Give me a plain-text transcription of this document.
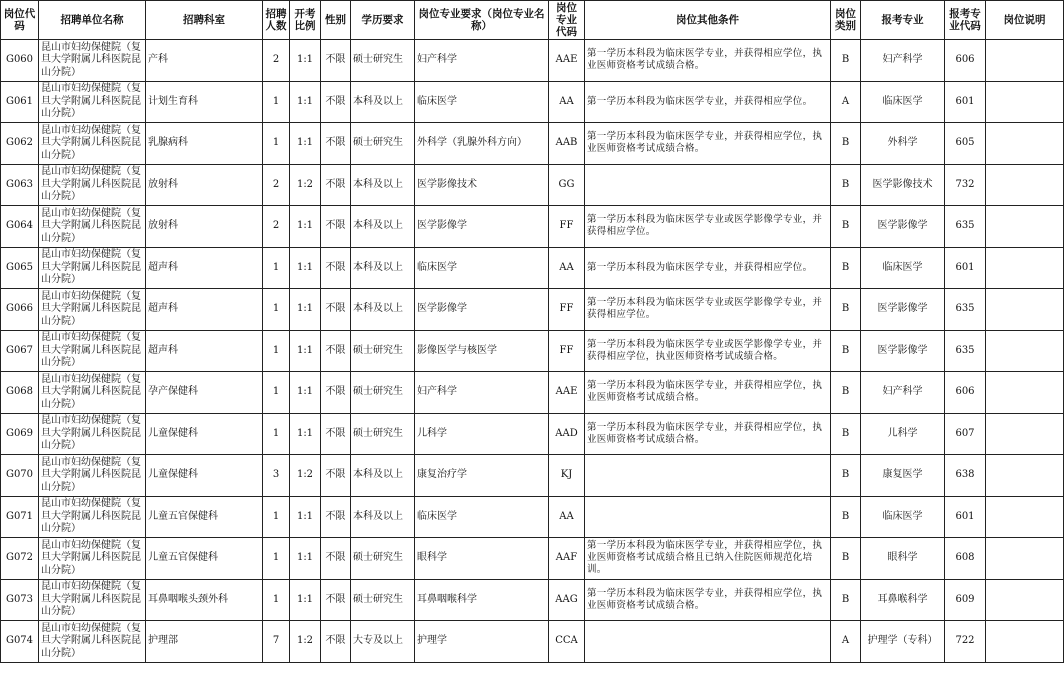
岗位代码	招聘单位名称	招聘科室	招聘人数	开考比例	性别	学历要求	岗位专业要求（岗位专业名称）	岗位专业代码	岗位其他条件	岗位类别	报考专业	报考专业代码	岗位说明
G060	昆山市妇幼保健院（复旦大学附属儿科医院昆山分院）	产科	2	1:1	不限	硕士研究生	妇产科学	AAE	第一学历本科段为临床医学专业，并获得相应学位，执业医师资格考试成绩合格。	B	妇产科学	606	
G061	昆山市妇幼保健院（复旦大学附属儿科医院昆山分院）	计划生育科	1	1:1	不限	本科及以上	临床医学	AA	第一学历本科段为临床医学专业，并获得相应学位。	A	临床医学	601	
G062	昆山市妇幼保健院（复旦大学附属儿科医院昆山分院）	乳腺病科	1	1:1	不限	硕士研究生	外科学（乳腺外科方向）	AAB	第一学历本科段为临床医学专业，并获得相应学位，执业医师资格考试成绩合格。	B	外科学	605	
G063	昆山市妇幼保健院（复旦大学附属儿科医院昆山分院）	放射科	2	1:2	不限	本科及以上	医学影像技术	GG		B	医学影像技术	732	
G064	昆山市妇幼保健院（复旦大学附属儿科医院昆山分院）	放射科	2	1:1	不限	本科及以上	医学影像学	FF	第一学历本科段为临床医学专业或医学影像学专业，并获得相应学位。	B	医学影像学	635	
G065	昆山市妇幼保健院（复旦大学附属儿科医院昆山分院）	超声科	1	1:1	不限	本科及以上	临床医学	AA	第一学历本科段为临床医学专业，并获得相应学位。	B	临床医学	601	
G066	昆山市妇幼保健院（复旦大学附属儿科医院昆山分院）	超声科	1	1:1	不限	本科及以上	医学影像学	FF	第一学历本科段为临床医学专业或医学影像学专业，并获得相应学位。	B	医学影像学	635	
G067	昆山市妇幼保健院（复旦大学附属儿科医院昆山分院）	超声科	1	1:1	不限	硕士研究生	影像医学与核医学	FF	第一学历本科段为临床医学专业或医学影像学专业，并获得相应学位，执业医师资格考试成绩合格。	B	医学影像学	635	
G068	昆山市妇幼保健院（复旦大学附属儿科医院昆山分院）	孕产保健科	1	1:1	不限	硕士研究生	妇产科学	AAE	第一学历本科段为临床医学专业，并获得相应学位，执业医师资格考试成绩合格。	B	妇产科学	606	
G069	昆山市妇幼保健院（复旦大学附属儿科医院昆山分院）	儿童保健科	1	1:1	不限	硕士研究生	儿科学	AAD	第一学历本科段为临床医学专业，并获得相应学位，执业医师资格考试成绩合格。	B	儿科学	607	
G070	昆山市妇幼保健院（复旦大学附属儿科医院昆山分院）	儿童保健科	3	1:2	不限	本科及以上	康复治疗学	KJ		B	康复医学	638	
G071	昆山市妇幼保健院（复旦大学附属儿科医院昆山分院）	儿童五官保健科	1	1:1	不限	本科及以上	临床医学	AA		B	临床医学	601	
G072	昆山市妇幼保健院（复旦大学附属儿科医院昆山分院）	儿童五官保健科	1	1:1	不限	硕士研究生	眼科学	AAF	第一学历本科段为临床医学专业，并获得相应学位，执业医师资格考试成绩合格且已纳入住院医师规范化培训。	B	眼科学	608	
G073	昆山市妇幼保健院（复旦大学附属儿科医院昆山分院）	耳鼻咽喉头颈外科	1	1:1	不限	硕士研究生	耳鼻咽喉科学	AAG	第一学历本科段为临床医学专业，并获得相应学位，执业医师资格考试成绩合格。	B	耳鼻喉科学	609	
G074	昆山市妇幼保健院（复旦大学附属儿科医院昆山分院）	护理部	7	1:2	不限	大专及以上	护理学	CCA		A	护理学（专科）	722	
